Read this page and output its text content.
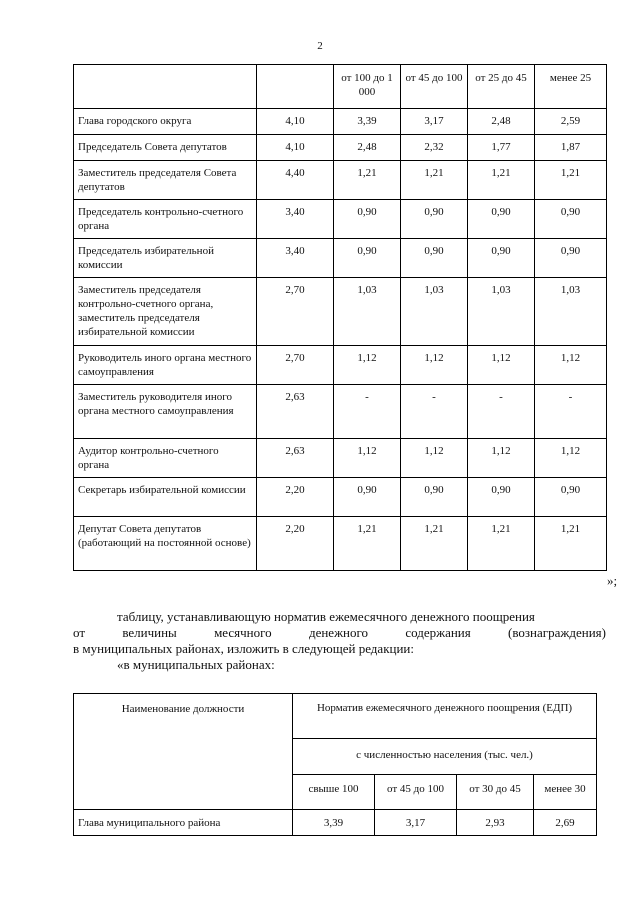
2
		от 100 до 1 000	от 45 до 100	от 25 до 45	менее 25
Глава городского округа	4,10	3,39	3,17	2,48	2,59
Председатель Совета депутатов	4,10	2,48	2,32	1,77	1,87
Заместитель председателя Совета депутатов	4,40	1,21	1,21	1,21	1,21
Председатель контрольно-счетного органа	3,40	0,90	0,90	0,90	0,90
Председатель избирательной комиссии	3,40	0,90	0,90	0,90	0,90
Заместитель председателя контрольно-счетного органа, заместитель председателя избирательной комиссии	2,70	1,03	1,03	1,03	1,03
Руководитель иного органа местного самоуправления	2,70	1,12	1,12	1,12	1,12
Заместитель руководителя иного органа местного самоуправления	2,63	-	-	-	-
Аудитор контрольно-счетного органа	2,63	1,12	1,12	1,12	1,12
Секретарь избирательной комиссии	2,20	0,90	0,90	0,90	0,90
Депутат Совета депутатов (работающий на постоянной основе)	2,20	1,21	1,21	1,21	1,21
»;
таблицу, устанавливающую норматив ежемесячного денежного поощрения
от	величины	месячного	денежного	содержания	(вознаграждения)
в муниципальных районах, изложить в следующей редакции:
«в муниципальных районах:
Наименование должности	Норматив ежемесячного денежного поощрения (ЕДП)			
	с численностью населения (тыс. чел.)			
	свыше 100	от 45 до 100	от 30 до 45	менее 30
Глава муниципального района	3,39	3,17	2,93	2,69
